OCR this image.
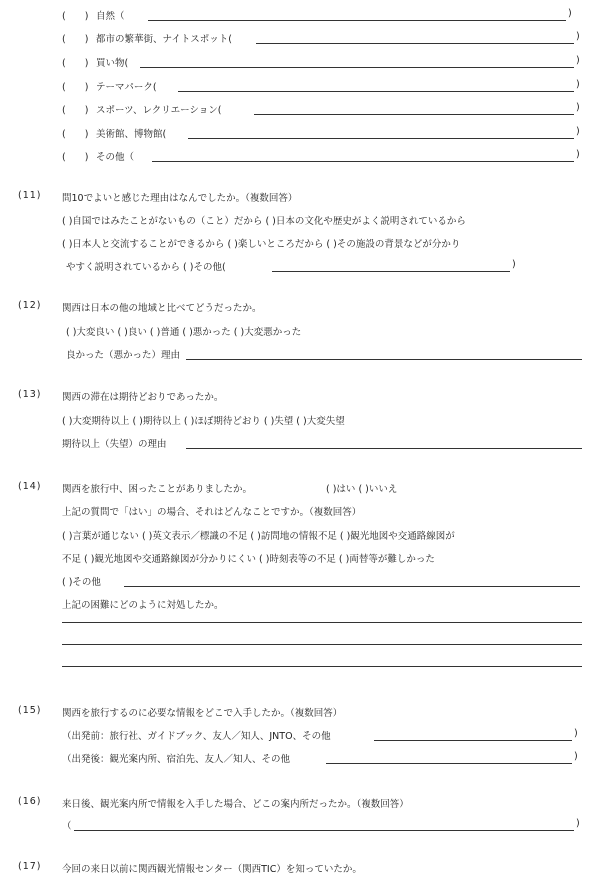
(　　) 自然（	)
(　　) 都市の繁華街、ナイトスポット(	)
(　　) 買い物(	)
(　　) テーマパーク(	)
(　　) スポーツ、レクリエーション(	)
(　　) 美術館、博物館(	)
(　　) その他（	)
(11) 問10でよいと感じた理由はなんでしたか。（複数回答）
( )自国ではみたことがないもの（こと）だから ( )日本の文化や歴史がよく説明されているから
( )日本人と交流することができるから ( )楽しいところだから ( )その施設の背景などが分かり
やすく説明されているから ( )その他(	)
(12) 関西は日本の他の地域と比べてどうだったか。
( )大変良い ( )良い ( )普通 ( )悪かった ( )大変悪かった
良かった（悪かった）理由
(13) 関西の滞在は期待どおりであったか。
( )大変期待以上 ( )期待以上 ( )ほぼ期待どおり ( )失望 ( )大変失望
期待以上（失望）の理由
(14) 関西を旅行中、困ったことがありましたか。	( )はい ( )いいえ
上記の質問で「はい」の場合、それはどんなことですか。（複数回答）
( )言葉が通じない ( )英文表示／標識の不足 ( )訪問地の情報不足 ( )観光地図や交通路線図が
不足 ( )観光地図や交通路線図が分かりにくい ( )時刻表等の不足 ( )両替等が難しかった
( )その他
上記の困難にどのように対処したか。
(15) 関西を旅行するのに必要な情報をどこで入手したか。（複数回答）
（出発前：旅行社、ガイドブック、友人／知人、JNTO、その他	)
（出発後：観光案内所、宿泊先、友人／知人、その他	)
(16) 来日後、観光案内所で情報を入手した場合、どこの案内所だったか。（複数回答）
（	)
(17) 今回の来日以前に関西観光情報センター（関西TIC）を知っていたか。
